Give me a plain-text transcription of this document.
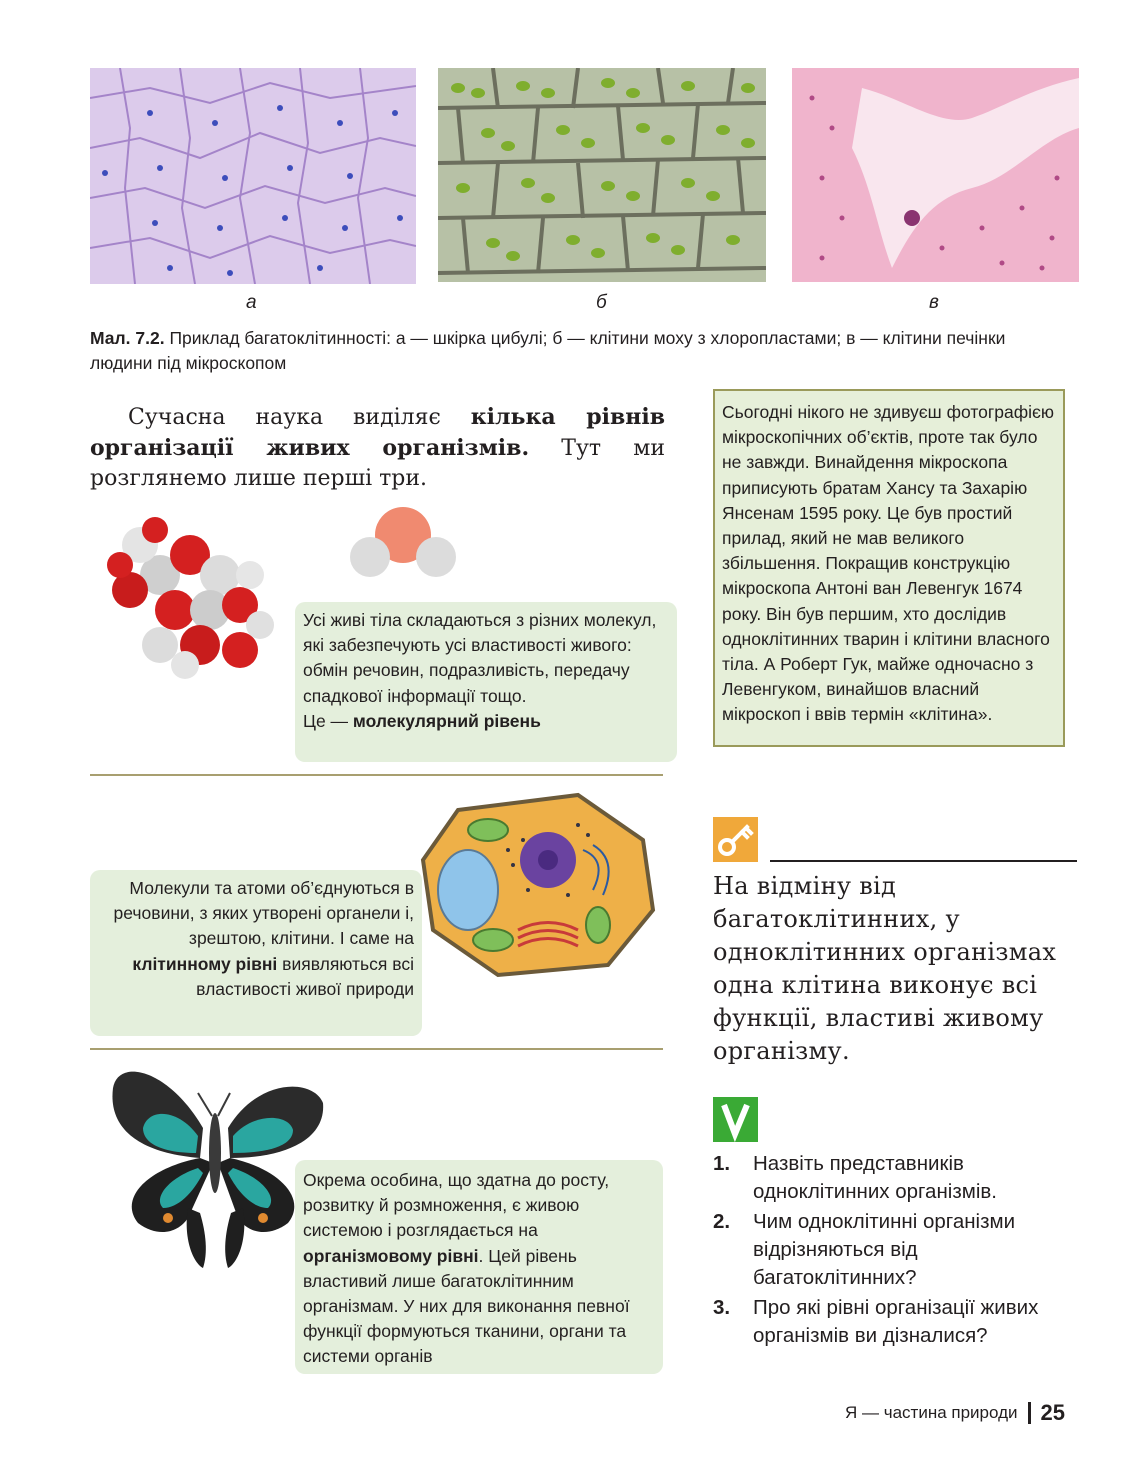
а	б	в
Мал. 7.2. Приклад багатоклітинності: а — шкірка цибулі; б — клітини моху з хлоропластами; в — клітини печінки людини під мікроскопом
Сучасна наука виділяє кілька рівнів організації живих організмів. Тут ми розглянемо лише перші три.
Сьогодні нікого не здивуєш фотографією мікроскопічних об’єктів, проте так було не завжди. Винайдення мікроскопа приписують братам Хансу та Захарію Янсенам 1595 року. Це був простий прилад, який не мав великого збільшення. Покращив конструкцію мікроскопа Антоні ван Левенгук 1674 року. Він був першим, хто дослідив одноклітинних тварин і клітини власного тіла. А Роберт Гук, майже одночасно з Левенгуком, винайшов власний мікроскоп і ввів термін «клітина».
Усі живі тіла складаються з різних молекул, які забезпечують усі властивості живого: обмін речовин, подразливість, передачу спадкової інформації тощо.
Це — молекулярний рівень
Молекули та атоми об’єднуються в речовини, з яких утворені органели і, зрештою, клітини. І саме на клітинному рівні виявляються всі властивості живої природи
Окрема особина, що здатна до росту, розвитку й розмноження, є живою системою і розглядається на організмовому рівні. Цей рівень властивий лише багатоклітинним організмам. У них для виконання певної функції формуються тканини, органи та системи органів
На відміну від багатоклітинних, у одноклітинних організмах одна клітина виконує всі функції, властиві живому організму.
1. Назвіть представників одноклітинних організмів.
2. Чим одноклітинні організми відрізняються від багатоклітинних?
3. Про які рівні організації живих організмів ви дізналися?
Я — частина природи 25
